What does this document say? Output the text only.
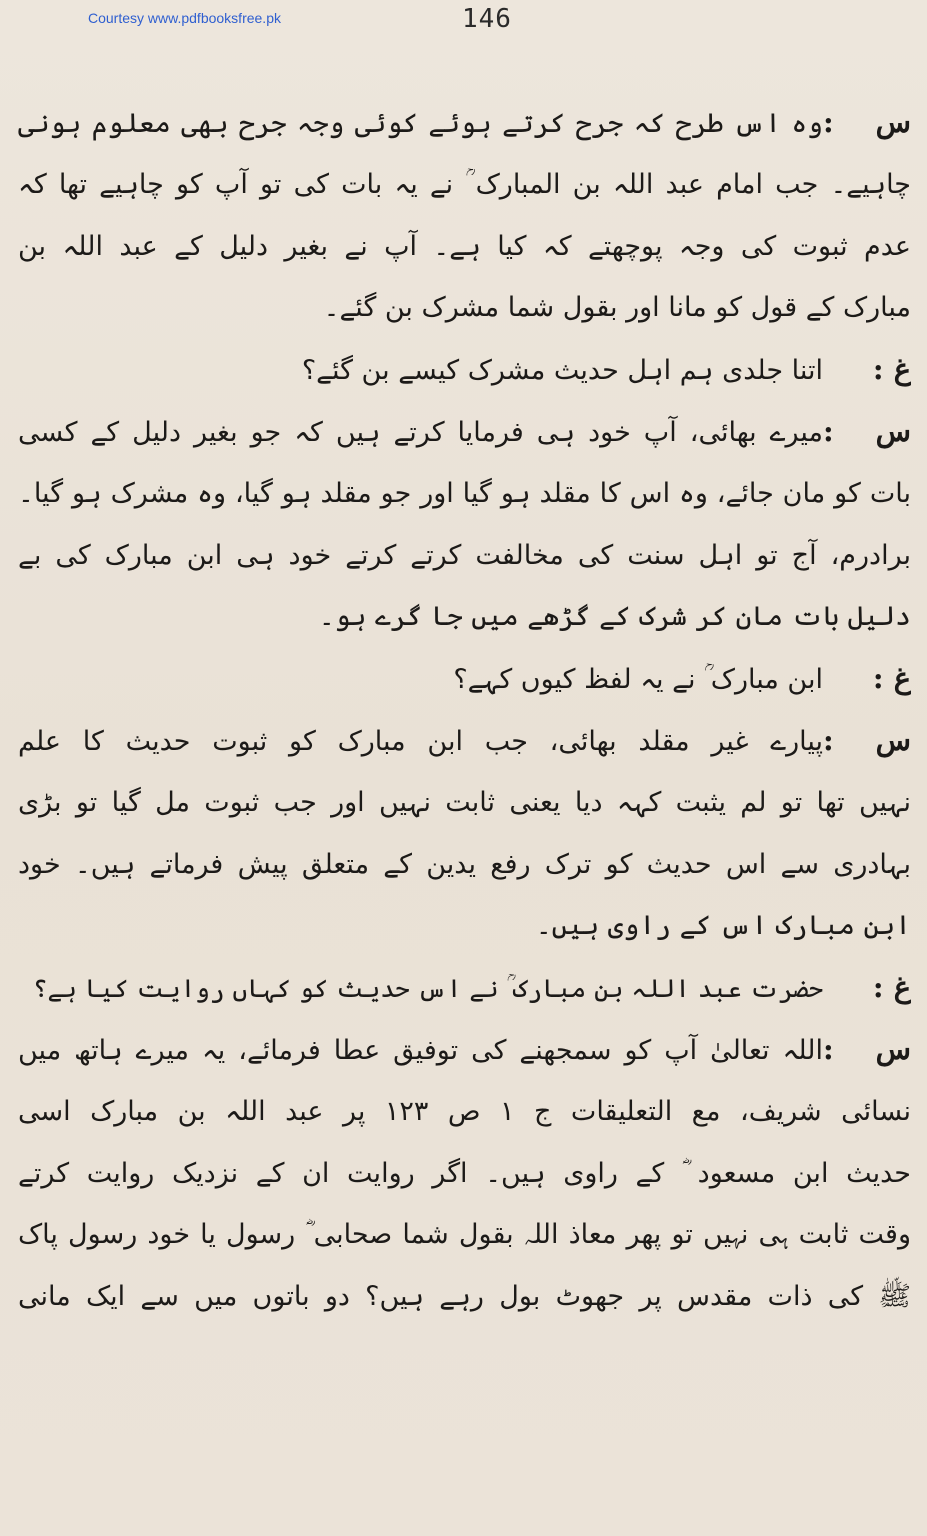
Courtesy www.pdfbooksfree.pk	146
س :وہ اس طرح کہ جرح کرتے ہوئے کوئی وجہ جرح بھی معلوم ہونی
چاہیے۔ جب امام عبد اللہ بن المبارک ؒ نے یہ بات کی تو آپ کو چاہیے تھا کہ
عدم ثبوت کی وجہ پوچھتے کہ کیا ہے۔ آپ نے بغیر دلیل کے عبد اللہ بن
مبارک کے قول کو مانا اور بقول شما مشرک بن گئے۔
غ :اتنا جلدی ہم اہل حدیث مشرک کیسے بن گئے؟
س :میرے بھائی، آپ خود ہی فرمایا کرتے ہیں کہ جو بغیر دلیل کے کسی
بات کو مان جائے، وہ اس کا مقلد ہو گیا اور جو مقلد ہو گیا، وہ مشرک ہو گیا۔
برادرم، آج تو اہل سنت کی مخالفت کرتے کرتے خود ہی ابن مبارک کی بے
دلیل بات مان کر شرک کے گڑھے میں جا گرے ہو۔
غ :ابن مبارک ؒ نے یہ لفظ کیوں کہے؟
س :پیارے غیر مقلد بھائی، جب ابن مبارک کو ثبوت حدیث کا علم
نہیں تھا تو لم یثبت کہہ دیا یعنی ثابت نہیں اور جب ثبوت مل گیا تو بڑی
بہادری سے اس حدیث کو ترک رفع یدین کے متعلق پیش فرماتے ہیں۔ خود
ابن مبارک اس کے راوی ہیں۔
غ :حضرت عبد اللہ بن مبارک ؒ نے اس حدیث کو کہاں روایت کیا ہے؟
س :اللہ تعالیٰ آپ کو سمجھنے کی توفیق عطا فرمائے، یہ میرے ہاتھ میں
نسائی شریف، مع التعلیقات ج ۱ ص ۱۲۳ پر عبد اللہ بن مبارک اسی
حدیث ابن مسعود ؓ کے راوی ہیں۔ اگر روایت ان کے نزدیک روایت کرتے
وقت ثابت ہی نہیں تو پھر معاذ اللہ بقول شما صحابی ؓ رسول یا خود رسول پاک
ﷺ کی ذات مقدس پر جھوٹ بول رہے ہیں؟ دو باتوں میں سے ایک مانی
